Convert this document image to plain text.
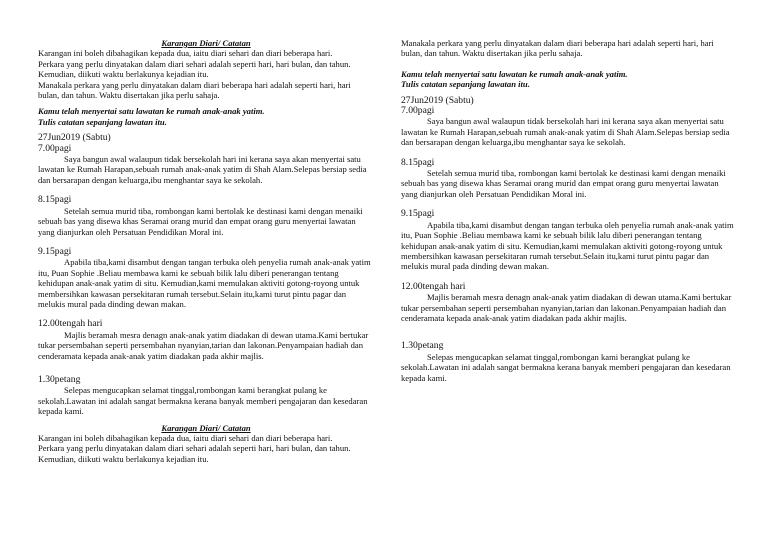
Karangan Diari/ Catatan

Karangan ini boleh dibahagikan kepada dua, iaitu diari sehari dan diari beberapa hari.

Perkara yang perlu dinyatakan dalam diari sehari adalah seperti hari, hari bulan, dan tahun.

Kemudian, diikuti waktu berlakunya kejadian itu.

Manakala perkara yang perlu dinyatakan dalam diari beberapa hari adalah seperti hari, hari bulan, dan tahun. Waktu disertakan jika perlu sahaja.

Kamu telah menyertai satu lawatan ke rumah anak-anak yatim.

Tulis catatan sepanjang lawatan itu.

27Jun2019 (Sabtu)

7.00pagi

Saya bangun awal walaupun tidak bersekolah hari ini kerana saya akan menyertai satu lawatan ke Rumah Harapan,sebuah rumah anak-anak yatim di Shah Alam.Selepas bersiap sedia dan bersarapan dengan keluarga,ibu menghantar saya ke sekolah.

8.15pagi

Setelah semua murid tiba, rombongan kami bertolak ke destinasi kami dengan menaiki sebuah bas yang disewa khas Seramai orang murid dan empat orang guru menyertai lawatan yang dianjurkan oleh Persatuan Pendidikan Moral ini.

9.15pagi

Apabila tiba,kami disambut dengan tangan terbuka oleh penyelia rumah anak-anak yatim itu, Puan Sophie .Beliau membawa kami ke sebuah bilik lalu diberi penerangan tentang kehidupan anak-anak yatim di situ. Kemudian,kami memulakan aktiviti gotong-royong untuk membersihkan kawasan persekitaran rumah tersebut.Selain itu,kami turut pintu pagar dan melukis mural pada dinding dewan makan.

12.00tengah hari

Majlis beramah mesra denagn anak-anak yatim diadakan di dewan utama.Kami bertukar tukar persembahan seperti persembahan nyanyian,tarian dan lakonan.Penyampaian hadiah dan cenderamata kepada anak-anak yatim diadakan pada akhir majlis.

1.30petang

Selepas mengucapkan selamat tinggal,rombongan kami berangkat pulang ke sekolah.Lawatan ini adalah sangat bermakna kerana banyak memberi pengajaran dan kesedaran kepada kami.

Karangan Diari/ Catatan

Karangan ini boleh dibahagikan kepada dua, iaitu diari sehari dan diari beberapa hari.

Perkara yang perlu dinyatakan dalam diari sehari adalah seperti hari, hari bulan, dan tahun.

Kemudian, diikuti waktu berlakunya kejadian itu.

Manakala perkara yang perlu dinyatakan dalam diari beberapa hari adalah seperti hari, hari bulan, dan tahun. Waktu disertakan jika perlu sahaja.

Kamu telah menyertai satu lawatan ke rumah anak-anak yatim.

Tulis catatan sepanjang lawatan itu.

27Jun2019 (Sabtu)

7.00pagi

Saya bangun awal walaupun tidak bersekolah hari ini kerana saya akan menyertai satu lawatan ke Rumah Harapan,sebuah rumah anak-anak yatim di Shah Alam.Selepas bersiap sedia dan bersarapan dengan keluarga,ibu menghantar saya ke sekolah.

8.15pagi

Setelah semua murid tiba, rombongan kami bertolak ke destinasi kami dengan menaiki sebuah bas yang disewa khas Seramai orang murid dan empat orang guru menyertai lawatan yang dianjurkan oleh Persatuan Pendidikan Moral ini.

9.15pagi

Apabila tiba,kami disambut dengan tangan terbuka oleh penyelia rumah anak-anak yatim itu, Puan Sophie .Beliau membawa kami ke sebuah bilik lalu diberi penerangan tentang kehidupan anak-anak yatim di situ. Kemudian,kami memulakan aktiviti gotong-royong untuk membersihkan kawasan persekitaran rumah tersebut.Selain itu,kami turut pintu pagar dan melukis mural pada dinding dewan makan.

12.00tengah hari

Majlis beramah mesra denagn anak-anak yatim diadakan di dewan utama.Kami bertukar tukar persembahan seperti persembahan nyanyian,tarian dan lakonan.Penyampaian hadiah dan cenderamata kepada anak-anak yatim diadakan pada akhir majlis.

1.30petang

Selepas mengucapkan selamat tinggal,rombongan kami berangkat pulang ke sekolah.Lawatan ini adalah sangat bermakna kerana banyak memberi pengajaran dan kesedaran kepada kami.
